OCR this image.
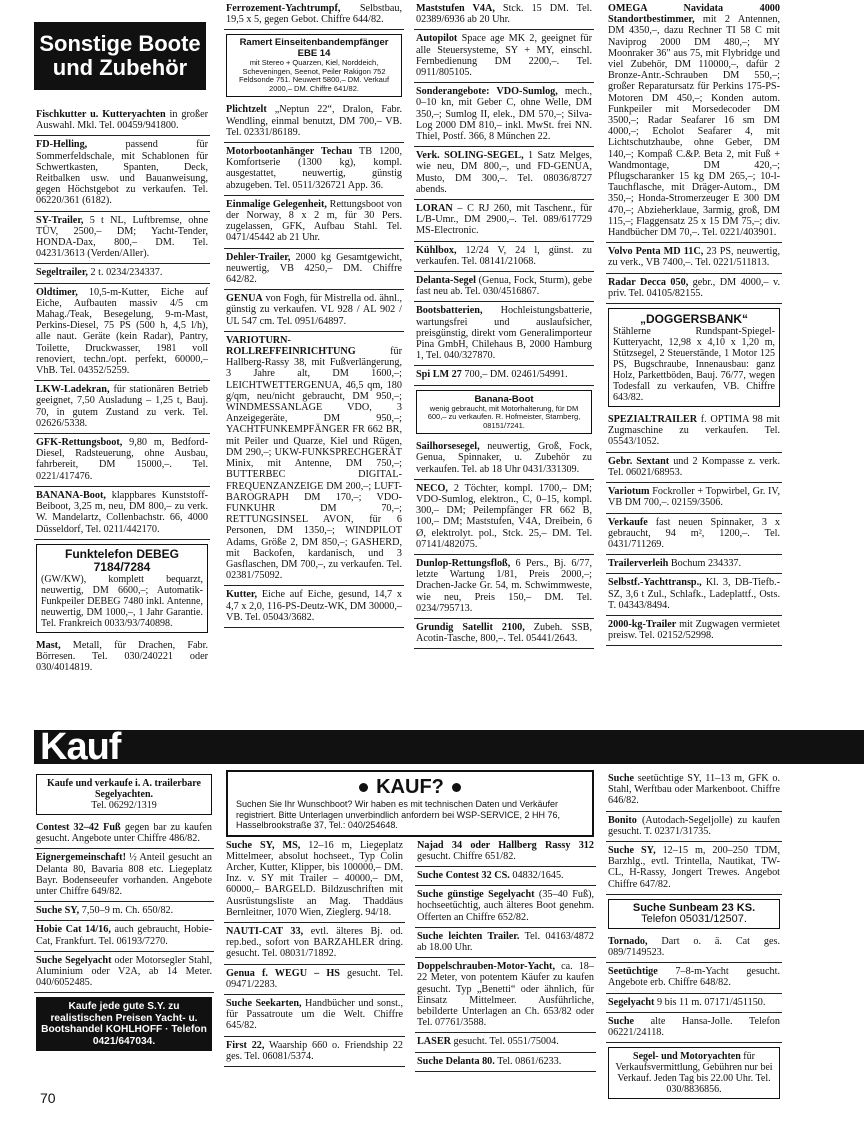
Sonstige Boote und Zubehör
Fischkutter u. Kutteryachten in großer Auswahl. Mkl. Tel. 00459/941800.
FD-Helling, passend für Sommerfeldschale, mit Schablonen für Schwertkasten, Spanten, Deck, Reitbalken usw. und Bauanweisung, gegen Höchstgebot zu verkaufen. Tel. 06220/361 (6182).
SY-Trailer, 5 t NL, Luftbremse, ohne TÜV, 2500,– DM; Yacht-Tender, HONDA-Dax, 800,– DM. Tel. 04231/3613 (Verden/Aller).
Segeltrailer, 2 t. 0234/234337.
Oldtimer, 10,5-m-Kutter, Eiche auf Eiche, Aufbauten massiv 4/5 cm Mahag./Teak, Besegelung, 9-m-Mast, Perkins-Diesel, 75 PS (500 h, 4,5 l/h), alle naut. Geräte (kein Radar), Pantry, Toilette, Druckwasser, 1981 voll renoviert, techn./opt. perfekt, 60000,– VhB. Tel. 04352/5259.
LKW-Ladekran, für stationären Betrieb geeignet, 7,50 Ausladung – 1,25 t, Bauj. 70, in gutem Zustand zu verk. Tel. 02626/5338.
GFK-Rettungsboot, 9,80 m, Bedford-Diesel, Radsteuerung, ohne Ausbau, fahrbereit, DM 15000,–. Tel. 0221/417476.
BANANA-Boot, klappbares Kunststoff-Beiboot, 3,25 m, neu, DM 800,– zu verk. W. Mandelartz, Collenbachstr. 66, 4000 Düsseldorf, Tel. 0211/442170.
Funktelefon DEBEG 7184/7284
(GW/KW), komplett bequarzt, neuwertig, DM 6600,–; Automatik-Funkpeiler DEBEG 7480 inkl. Antenne, neuwertig, DM 1000,–, 1 Jahr Garantie. Tel. Frankreich 0033/93/740898.
Mast, Metall, für Drachen, Fabr. Börresen. Tel. 030/240221 oder 030/4014819.
Ferrozement-Yachtrumpf, Selbstbau, 19,5 x 5, gegen Gebot. Chiffre 644/82.
Ramert Einseitenbandempfänger EBE 14
mit Stereo + Quarzen, Kiel, Norddeich, Scheveningen, Seenot, Peiler Rakigon 752 Feldsonde 751. Neuwert 5800,– DM. Verkauf 2000,– DM. Chiffre 641/82.
Plichtzelt „Neptun 22“, Dralon, Fabr. Wendling, einmal benutzt, DM 700,– VB. Tel. 02331/86189.
Motorbootanhänger Techau TB 1200, Komfortserie (1300 kg), kompl. ausgestattet, neuwertig, günstig abzugeben. Tel. 0511/326721 App. 36.
Einmalige Gelegenheit, Rettungsboot von der Norway, 8 x 2 m, für 30 Pers. zugelassen, GFK, Aufbau Stahl. Tel. 0471/45442 ab 21 Uhr.
Dehler-Trailer, 2000 kg Gesamtgewicht, neuwertig, VB 4250,– DM. Chiffre 642/82.
GENUA von Fogh, für Mistrella od. ähnl., günstig zu verkaufen. VL 928 / AL 902 / UL 547 cm. Tel. 0951/64897.
VARIOTURN-ROLLREFFEINRICHTUNG für Hallberg-Rassy 38, mit Fußverlängerung, 3 Jahre alt, DM 1600,–; LEICHTWETTERGENUA, 46,5 qm, 180 g/qm, neu/nicht gebraucht, DM 950,–; WINDMESSANLAGE VDO, 3 Anzeigegeräte, DM 950,–; YACHTFUNKEMPFÄNGER FR 662 BR, mit Peiler und Quarze, Kiel und Rügen, DM 290,–; UKW-FUNKSPRECHGERÄT Minix, mit Antenne, DM 750,–; BUTTERBEC DIGITAL-FREQUENZANZEIGE DM 200,–; LUFT-BAROGRAPH DM 170,–; VDO-FUNKUHR DM 70,–; RETTUNGSINSEL AVON, für 6 Personen, DM 1350,–; WINDPILOT Adams, Größe 2, DM 850,–; GASHERD, mit Backofen, kardanisch, und 3 Gasflaschen, DM 700,–, zu verkaufen. Tel. 02381/75092.
Kutter, Eiche auf Eiche, gesund, 14,7 x 4,7 x 2,0, 116-PS-Deutz-WK, DM 30000,– VB. Tel. 05043/3682.
Maststufen V4A, Stck. 15 DM. Tel. 02389/6936 ab 20 Uhr.
Autopilot Space age MK 2, geeignet für alle Steuersysteme, SY + MY, einschl. Fernbedienung DM 2200,–. Tel. 0911/805105.
Sonderangebote: VDO-Sumlog, mech., 0–10 kn, mit Geber C, ohne Welle, DM 350,–; Sumlog II, elek., DM 570,–; Silva-Log 2000 DM 810,– inkl. MwSt. frei NN. Thiel, Postf. 366, 8 München 22.
Verk. SOLING-SEGEL, 1 Satz Melges, wie neu, DM 800,–, und FD-GENUA, Musto, DM 300,–. Tel. 08036/8727 abends.
LORAN – C RJ 260, mit Taschenr., für L/B-Umr., DM 2900,–. Tel. 089/617729 MS-Electronic.
Kühlbox, 12/24 V, 24 l, günst. zu verkaufen. Tel. 08141/21068.
Delanta-Segel (Genua, Fock, Sturm), gebe fast neu ab. Tel. 030/4516867.
Bootsbatterien, Hochleistungsbatterie, wartungsfrei und auslaufsicher, preisgünstig, direkt vom Generalimporteur Pina GmbH, Chilehaus B, 2000 Hamburg 1, Tel. 040/327870.
Spi LM 27 700,– DM. 02461/54991.
Banana-Boot
wenig gebraucht, mit Motorhalterung, für DM 600,– zu verkaufen. R. Hofmeister, Starnberg, 08151/7241.
Sailhorsesegel, neuwertig, Groß, Fock, Genua, Spinnaker, u. Zubehör zu verkaufen. Tel. ab 18 Uhr 0431/331309.
NECO, 2 Töchter, kompl. 1700,– DM; VDO-Sumlog, elektron., C, 0–15, kompl. 300,– DM; Peilempfänger FR 662 B, 100,– DM; Maststufen, V4A, Dreibein, 6 Ø, elektrolyt. pol., Stck. 25,– DM. Tel. 07141/482075.
Dunlop-Rettungsfloß, 6 Pers., Bj. 6/77, letzte Wartung 1/81, Preis 2000,–; Drachen-Jacke Gr. 54, m. Schwimmweste, wie neu, Preis 150,– DM. Tel. 0234/795713.
Grundig Satellit 2100, Zubeh. SSB, Acotin-Tasche, 800,–. Tel. 05441/2643.
OMEGA Navidata 4000 Standortbestimmer, mit 2 Antennen, DM 4350,–, dazu Rechner TI 58 C mit Naviprog 2000 DM 480,–; MY Moonraker 36" aus 75, mit Flybridge und viel Zubehör, DM 110000,–, dafür 2 Bronze-Antr.-Schrauben DM 550,–; großer Reparatursatz für Perkins 175-PS-Motoren DM 450,–; Konden autom. Funkpeiler mit Morsedecoder DM 3500,–; Radar Seafarer 16 sm DM 4000,–; Echolot Seafarer 4, mit Lichtschutzhaube, ohne Geber, DM 140,–; Kompaß C.&P. Beta 2, mit Fuß + Wandmontage, DM 420,–; Pflugscharanker 15 kg DM 265,–; 10-l-Tauchflasche, mit Dräger-Autom., DM 350,–; Honda-Stromerzeuger E 300 DM 470,–; Abzieherklaue, 3armig, groß, DM 115,–; Flaggensatz 25 x 15 DM 75,–; div. Handbücher DM 70,–. Tel. 0221/403901.
Volvo Penta MD 11C, 23 PS, neuwertig, zu verk., VB 7400,–. Tel. 0221/511813.
Radar Decca 050, gebr., DM 4000,– v. priv. Tel. 04105/82155.
„DOGGERSBANK“
Stählerne Rundspant-Spiegel-Kutteryacht, 12,98 x 4,10 x 1,20 m, Stützsegel, 2 Steuerstände, 1 Motor 125 PS, Bugschraube, Innenausbau: ganz Holz, Parkettböden, Bauj. 76/77, wegen Todesfall zu verkaufen, VB. Chiffre 643/82.
SPEZIALTRAILER f. OPTIMA 98 mit Zugmaschine zu verkaufen. Tel. 05543/1052.
Gebr. Sextant und 2 Kompasse z. verk. Tel. 06021/68953.
Variotum Fockroller + Topwirbel, Gr. IV, VB DM 700,–. 02159/3506.
Verkaufe fast neuen Spinnaker, 3 x gebraucht, 94 m², 1200,–. Tel. 0431/711269.
Trailerverleih Bochum 234337.
Selbstf.-Yachttransp., Kl. 3, DB-Tiefb.-SZ, 3,6 t Zul., Schlafk., Ladeplattf., Osts. T. 04343/8494.
2000-kg-Trailer mit Zugwagen vermietet preisw. Tel. 02152/52998.
Kauf
Kaufe und verkaufe i. A. trailerbare Segelyachten.
Tel. 06292/1319
Contest 32–42 Fuß gegen bar zu kaufen gesucht. Angebote unter Chiffre 486/82.
Eignergemeinschaft! ½ Anteil gesucht an Delanta 80, Bavaria 808 etc. Liegeplatz Bayr. Bodenseeufer vorhanden. Angebote unter Chiffre 649/82.
Suche SY, 7,50–9 m. Ch. 650/82.
Hobie Cat 14/16, auch gebraucht, Hobie-Cat, Frankfurt. Tel. 06193/7270.
Suche Segelyacht oder Motorsegler Stahl, Aluminium oder V2A, ab 14 Meter. 040/6052485.
Kaufe jede gute S.Y. zu realistischen Preisen Yacht- u. Bootshandel KOHLHOFF · Telefon 0421/647034.
KAUF?
Suchen Sie Ihr Wunschboot? Wir haben es mit technischen Daten und Verkäufer registriert. Bitte Unterlagen unverbindlich anfordern bei WSP-SERVICE, 2 HH 76, Hasselbrookstraße 37, Tel.: 040/254648.
Suche SY, MS, 12–16 m, Liegeplatz Mittelmeer, absolut hochseet., Typ Colin Archer, Kutter, Klipper, bis 100000,– DM. Inz. v. SY mit Trailer – 40000,– DM, 60000,– BARGELD. Bildzuschriften mit Ausrüstungsliste an Mag. Thaddäus Bernleitner, 1070 Wien, Zieglerg. 94/18.
NAUTI-CAT 33, evtl. älteres Bj. od. rep.bed., sofort von BARZAHLER dring. gesucht. Tel. 08031/71892.
Genua f. WEGU – HS gesucht. Tel. 09471/2283.
Suche Seekarten, Handbücher und sonst., für Passatroute um die Welt. Chiffre 645/82.
First 22, Waarship 660 o. Friendship 22 ges. Tel. 06081/5374.
Najad 34 oder Hallberg Rassy 312 gesucht. Chiffre 651/82.
Suche Contest 32 CS. 04832/1645.
Suche günstige Segelyacht (35–40 Fuß), hochseetüchtig, auch älteres Boot genehm. Offerten an Chiffre 652/82.
Suche leichten Trailer. Tel. 04163/4872 ab 18.00 Uhr.
Doppelschrauben-Motor-Yacht, ca. 18–22 Meter, von potentem Käufer zu kaufen gesucht. Typ „Benetti“ oder ähnlich, für Einsatz Mittelmeer. Ausführliche, bebilderte Unterlagen an Ch. 653/82 oder Tel. 07761/3588.
LASER gesucht. Tel. 0551/75004.
Suche Delanta 80. Tel. 0861/6233.
Suche seetüchtige SY, 11–13 m, GFK o. Stahl, Werftbau oder Markenboot. Chiffre 646/82.
Bonito (Autodach-Segeljolle) zu kaufen gesucht. T. 02371/31735.
Suche SY, 12–15 m, 200–250 TDM, Barzhlg., evtl. Trintella, Nautikat, TW-CL, H-Rassy, Jongert Trewes. Angebot Chiffre 647/82.
Suche Sunbeam 23 KS.
Telefon 05031/12507.
Tornado, Dart o. ä. Cat ges. 089/7149523.
Seetüchtige 7–8-m-Yacht gesucht. Angebote erb. Chiffre 648/82.
Segelyacht 9 bis 11 m. 07171/451150.
Suche alte Hansa-Jolle. Telefon 06221/24118.
Segel- und Motoryachten für Verkaufsvermittlung, Gebühren nur bei Verkauf. Jeden Tag bis 22.00 Uhr. Tel. 030/8836856.
70
